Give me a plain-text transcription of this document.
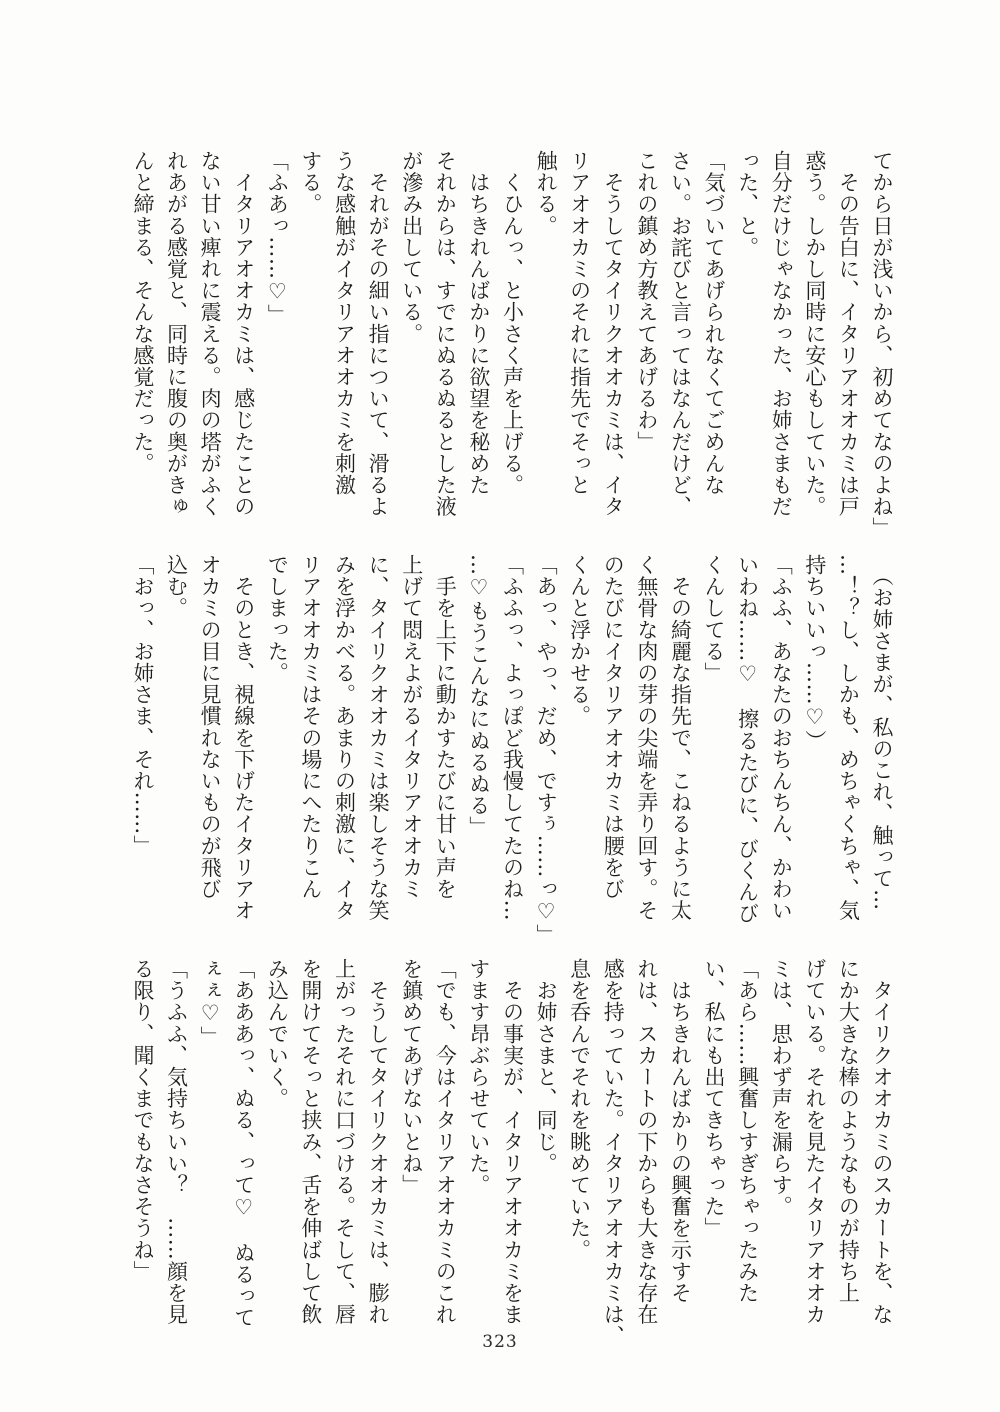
てから日が浅いから、初めてなのよね」

　その告白に、イタリアオオカミは戸

惑う。しかし同時に安心もしていた。

自分だけじゃなかった、お姉さまもだ

った、と。

「気づいてあげられなくてごめんな

さい。お詫びと言ってはなんだけど、

これの鎮め方教えてあげるわ」

　そうしてタイリクオオカミは、イタ

リアオオカミのそれに指先でそっと

触れる。

　くひんっ、と小さく声を上げる。

　はちきれんばかりに欲望を秘めた

それからは、すでにぬるぬるとした液

が滲み出している。

　それがその細い指について、滑るよ

うな感触がイタリアオオカミを刺激

する。

「ふあっ……♡」

　イタリアオオカミは、感じたことの

ない甘い痺れに震える。肉の塔がふく

れあがる感覚と、同時に腹の奥がきゅ

んと締まる、そんな感覚だった。

　（お姉さまが、私のこれ、触って…

…！？し、しかも、めちゃくちゃ、気

持ちいいっ……♡）

「ふふ、あなたのおちんちん、かわい

いわね……♡　擦るたびに、びくんび

くんしてる」

　その綺麗な指先で、こねるように太

く無骨な肉の芽の尖端を弄り回す。そ

のたびにイタリアオオカミは腰をび

くんと浮かせる。

「あっ、やっ、だめ、ですぅ……っ♡」

「ふふっ、よっぽど我慢してたのね…

…♡もうこんなにぬるぬる」

　手を上下に動かすたびに甘い声を

上げて悶えよがるイタリアオオカミ

に、タイリクオオカミは楽しそうな笑

みを浮かべる。あまりの刺激に、イタ

リアオオカミはその場にへたりこん

でしまった。

　そのとき、視線を下げたイタリアオ

オカミの目に見慣れないものが飛び

込む。

「おっ、お姉さま、それ……」

　タイリクオオカミのスカートを、な

にか大きな棒のようなものが持ち上

げている。それを見たイタリアオオカ

ミは、思わず声を漏らす。

「あら……興奮しすぎちゃったみた

い、私にも出てきちゃった」

　はちきれんばかりの興奮を示すそ

れは、スカートの下からも大きな存在

感を持っていた。イタリアオオカミは、

息を呑んでそれを眺めていた。

　お姉さまと、同じ。

　その事実が、イタリアオオカミをま

すます昂ぶらせていた。

「でも、今はイタリアオオカミのこれ

を鎮めてあげないとね」

　そうしてタイリクオオカミは、膨れ

上がったそれに口づける。そして、唇

を開けてそっと挟み、舌を伸ばして飲

み込んでいく。

「あああっ、ぬる、って♡　ぬるって

ぇぇ♡」

「うふふ、気持ちいい？　……顔を見

る限り、聞くまでもなさそうね」

323
